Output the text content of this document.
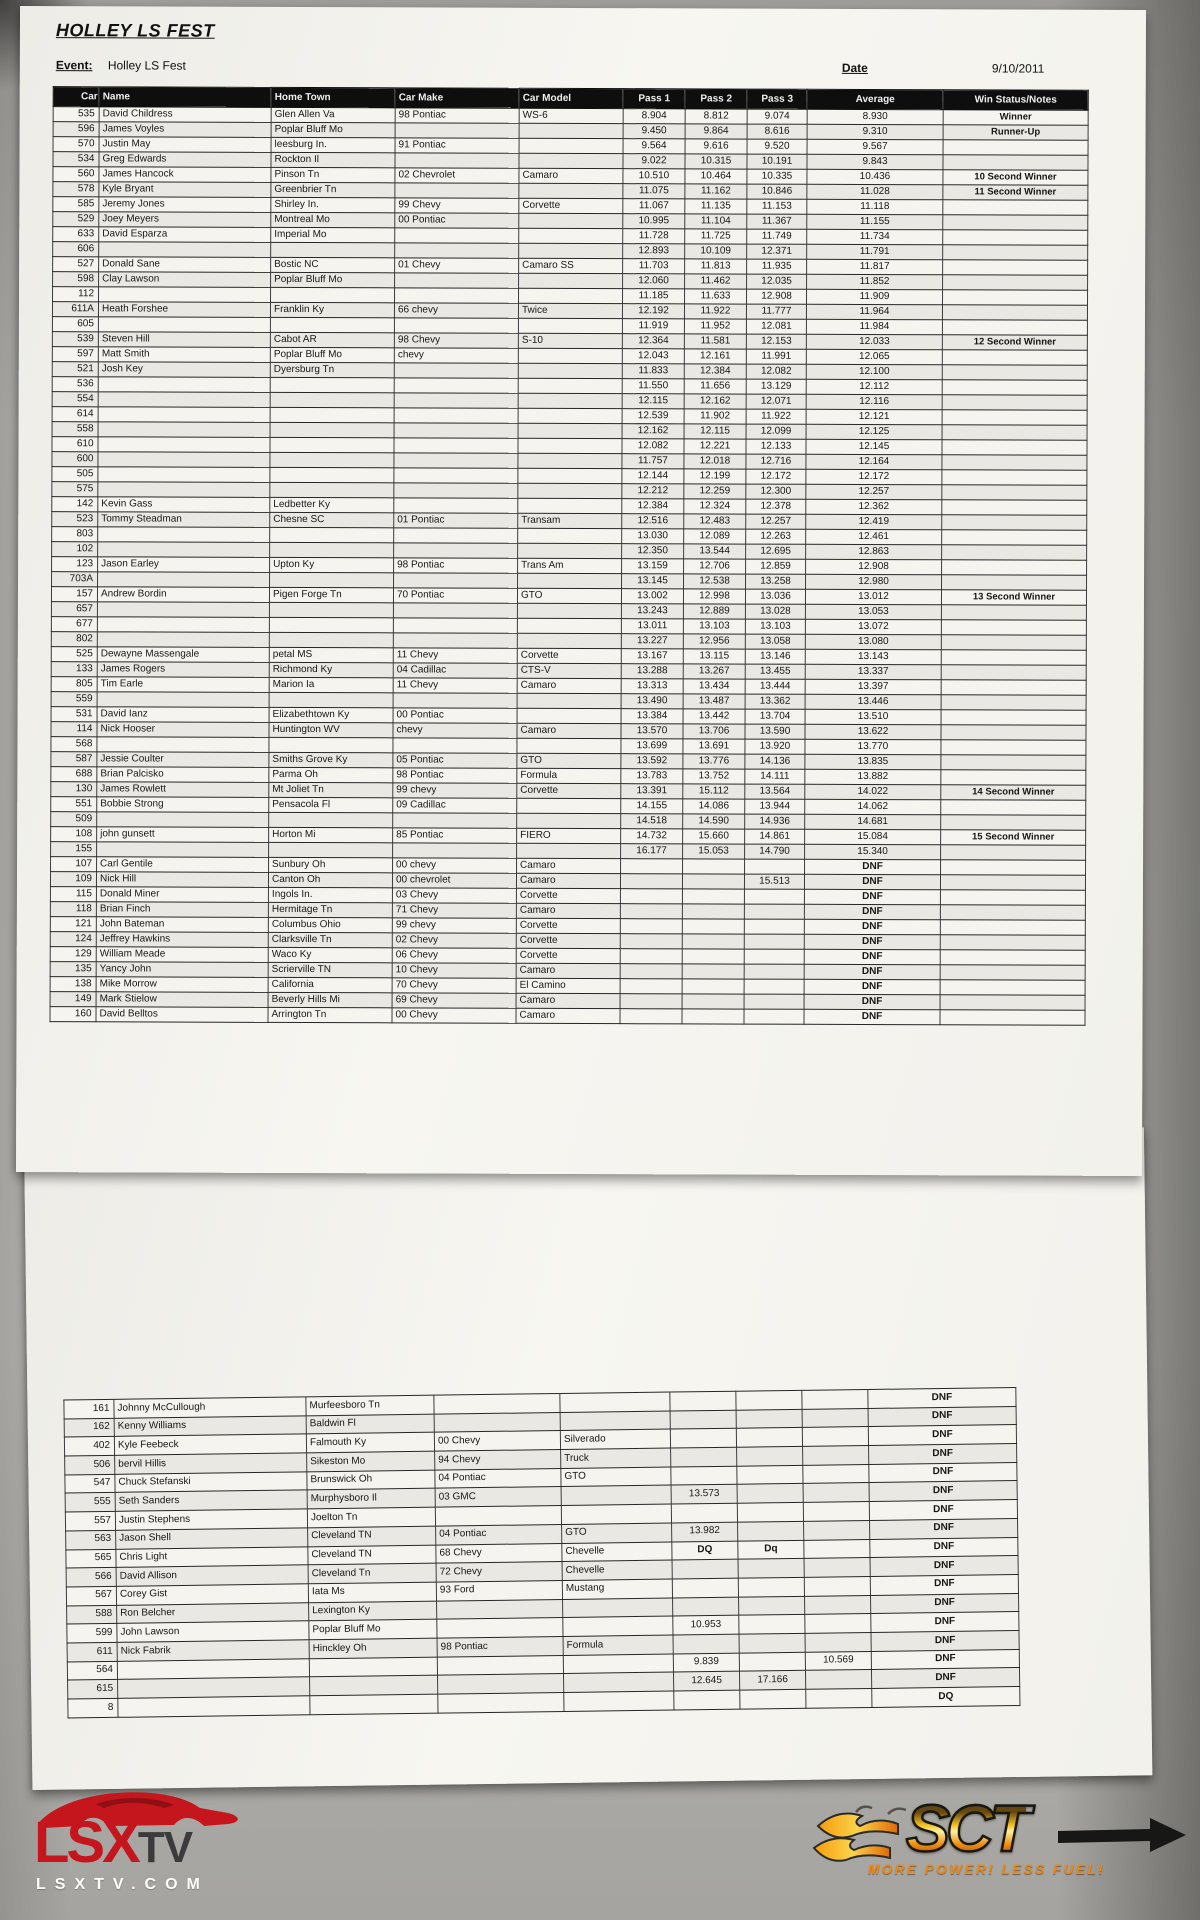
HOLLEY LS FEST
Event: Holley LS Fest	Date	9/10/2011
Car	Name	Home Town	Car Make	Car Model	Pass 1	Pass 2	Pass 3	Average	Win Status/Notes
535	David Childress	Glen Allen Va	98 Pontiac	WS-6	8.904	8.812	9.074	8.930	Winner
596	James Voyles	Poplar Bluff Mo			9.450	9.864	8.616	9.310	Runner-Up
570	Justin May	leesburg In.	91 Pontiac		9.564	9.616	9.520	9.567	
534	Greg Edwards	Rockton Il			9.022	10.315	10.191	9.843	
560	James Hancock	Pinson Tn	02 Chevrolet	Camaro	10.510	10.464	10.335	10.436	10 Second Winner
578	Kyle Bryant	Greenbrier Tn			11.075	11.162	10.846	11.028	11 Second Winner
585	Jeremy Jones	Shirley In.	99 Chevy	Corvette	11.067	11.135	11.153	11.118	
529	Joey Meyers	Montreal Mo	00 Pontiac		10.995	11.104	11.367	11.155	
633	David Esparza	Imperial Mo			11.728	11.725	11.749	11.734	
606					12.893	10.109	12.371	11.791	
527	Donald Sane	Bostic NC	01 Chevy	Camaro SS	11.703	11.813	11.935	11.817	
598	Clay Lawson	Poplar Bluff Mo			12.060	11.462	12.035	11.852	
112					11.185	11.633	12.908	11.909	
611A	Heath Forshee	Franklin Ky	66 chevy	Twice	12.192	11.922	11.777	11.964	
605					11.919	11.952	12.081	11.984	
539	Steven Hill	Cabot AR	98 Chevy	S-10	12.364	11.581	12.153	12.033	12 Second Winner
597	Matt Smith	Poplar Bluff Mo	chevy		12.043	12.161	11.991	12.065	
521	Josh Key	Dyersburg Tn			11.833	12.384	12.082	12.100	
536					11.550	11.656	13.129	12.112	
554					12.115	12.162	12.071	12.116	
614					12.539	11.902	11.922	12.121	
558					12.162	12.115	12.099	12.125	
610					12.082	12.221	12.133	12.145	
600					11.757	12.018	12.716	12.164	
505					12.144	12.199	12.172	12.172	
575					12.212	12.259	12.300	12.257	
142	Kevin Gass	Ledbetter Ky			12.384	12.324	12.378	12.362	
523	Tommy Steadman	Chesne SC	01 Pontiac	Transam	12.516	12.483	12.257	12.419	
803					13.030	12.089	12.263	12.461	
102					12.350	13.544	12.695	12.863	
123	Jason Earley	Upton Ky	98 Pontiac	Trans Am	13.159	12.706	12.859	12.908	
703A					13.145	12.538	13.258	12.980	
157	Andrew Bordin	Pigen Forge Tn	70 Pontiac	GTO	13.002	12.998	13.036	13.012	13 Second Winner
657					13.243	12.889	13.028	13.053	
677					13.011	13.103	13.103	13.072	
802					13.227	12.956	13.058	13.080	
525	Dewayne Massengale	petal MS	11 Chevy	Corvette	13.167	13.115	13.146	13.143	
133	James Rogers	Richmond Ky	04 Cadillac	CTS-V	13.288	13.267	13.455	13.337	
805	Tim Earle	Marion Ia	11 Chevy	Camaro	13.313	13.434	13.444	13.397	
559					13.490	13.487	13.362	13.446	
531	David Ianz	Elizabethtown Ky	00 Pontiac		13.384	13.442	13.704	13.510	
114	Nick Hooser	Huntington WV	chevy	Camaro	13.570	13.706	13.590	13.622	
568					13.699	13.691	13.920	13.770	
587	Jessie Coulter	Smiths Grove Ky	05 Pontiac	GTO	13.592	13.776	14.136	13.835	
688	Brian Palcisko	Parma Oh	98 Pontiac	Formula	13.783	13.752	14.111	13.882	
130	James Rowlett	Mt Joliet Tn	99 chevy	Corvette	13.391	15.112	13.564	14.022	14 Second Winner
551	Bobbie Strong	Pensacola Fl	09 Cadillac		14.155	14.086	13.944	14.062	
509					14.518	14.590	14.936	14.681	
108	john gunsett	Horton Mi	85 Pontiac	FIERO	14.732	15.660	14.861	15.084	15 Second Winner
155					16.177	15.053	14.790	15.340	
107	Carl Gentile	Sunbury Oh	00 chevy	Camaro				DNF	
109	Nick Hill	Canton Oh	00 chevrolet	Camaro			15.513	DNF	
115	Donald Miner	Ingols In.	03 Chevy	Corvette				DNF	
118	Brian Finch	Hermitage Tn	71 Chevy	Camaro				DNF	
121	John Bateman	Columbus Ohio	99 chevy	Corvette				DNF	
124	Jeffrey Hawkins	Clarksville Tn	02 Chevy	Corvette				DNF	
129	William Meade	Waco Ky	06 Chevy	Corvette				DNF	
135	Yancy John	Scrierville TN	10 Chevy	Camaro				DNF	
138	Mike Morrow	California	70 Chevy	El Camino				DNF	
149	Mark Stielow	Beverly Hills Mi	69 Chevy	Camaro				DNF	
160	David Belltos	Arrington Tn	00 Chevy	Camaro				DNF	
161	Johnny McCullough	Murfeesboro Tn						DNF
162	Kenny Williams	Baldwin Fl						DNF
402	Kyle Feebeck	Falmouth Ky	00 Chevy	Silverado				DNF
506	bervil Hillis	Sikeston Mo	94 Chevy	Truck				DNF
547	Chuck Stefanski	Brunswick Oh	04 Pontiac	GTO				DNF
555	Seth Sanders	Murphysboro Il	03 GMC		13.573			DNF
557	Justin Stephens	Joelton Tn						DNF
563	Jason Shell	Cleveland TN	04 Pontiac	GTO	13.982			DNF
565	Chris Light	Cleveland TN	68 Chevy	Chevelle	DQ	Dq		DNF
566	David Allison	Cleveland Tn	72 Chevy	Chevelle				DNF
567	Corey Gist	Iata Ms	93 Ford	Mustang				DNF
588	Ron Belcher	Lexington Ky						DNF
599	John Lawson	Poplar Bluff Mo			10.953			DNF
611	Nick Fabrik	Hinckley Oh	98 Pontiac	Formula				DNF
564					9.839		10.569	DNF
615					12.645	17.166		DNF
8								DQ
LSXTV
LSXTV.COM
SCT
MORE POWER! LESS FUEL!
